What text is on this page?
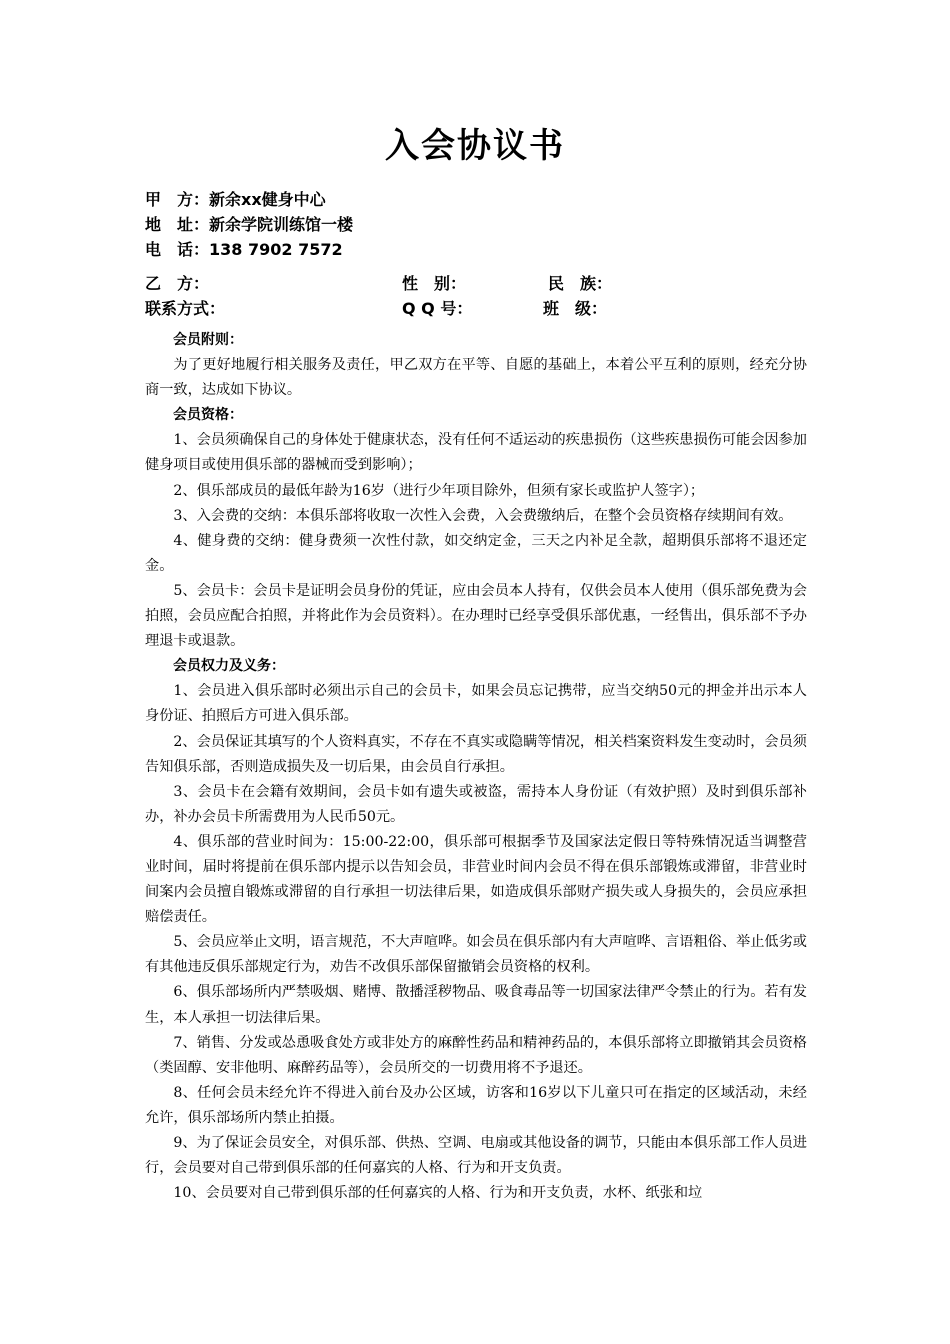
入会协议书
甲　方：新余xx健身中心
地　址：新余学院训练馆一楼
电　话：138 7902 7572
乙　方：	性　别：	民　族：
联系方式：	Q Q 号：	班　级：

会员附则：

为了更好地履行相关服务及责任，甲乙双方在平等、自愿的基础上，本着公平互利的原则，经充分协商一致，达成如下协议。

会员资格：

1、会员须确保自己的身体处于健康状态，没有任何不适运动的疾患损伤（这些疾患损伤可能会因参加健身项目或使用俱乐部的器械而受到影响）；

2、俱乐部成员的最低年龄为16岁（进行少年项目除外，但须有家长或监护人签字）；

3、入会费的交纳：本俱乐部将收取一次性入会费，入会费缴纳后，在整个会员资格存续期间有效。

4、健身费的交纳：健身费须一次性付款，如交纳定金，三天之内补足全款，超期俱乐部将不退还定金。

5、会员卡：会员卡是证明会员身份的凭证，应由会员本人持有，仅供会员本人使用（俱乐部免费为会拍照，会员应配合拍照，并将此作为会员资料）。在办理时已经享受俱乐部优惠，一经售出，俱乐部不予办理退卡或退款。

会员权力及义务：

1、会员进入俱乐部时必须出示自己的会员卡，如果会员忘记携带，应当交纳50元的押金并出示本人身份证、拍照后方可进入俱乐部。

2、会员保证其填写的个人资料真实，不存在不真实或隐瞒等情况，相关档案资料发生变动时，会员须告知俱乐部，否则造成损失及一切后果，由会员自行承担。

3、会员卡在会籍有效期间，会员卡如有遗失或被盗，需持本人身份证（有效护照）及时到俱乐部补办，补办会员卡所需费用为人民币50元。

4、俱乐部的营业时间为：15:00-22:00，俱乐部可根据季节及国家法定假日等特殊情况适当调整营业时间，届时将提前在俱乐部内提示以告知会员，非营业时间内会员不得在俱乐部锻炼或滞留，非营业时间案内会员擅自锻炼或滞留的自行承担一切法律后果，如造成俱乐部财产损失或人身损失的，会员应承担赔偿责任。

5、会员应举止文明，语言规范，不大声喧哗。如会员在俱乐部内有大声喧哗、言语粗俗、举止低劣或有其他违反俱乐部规定行为，劝告不改俱乐部保留撤销会员资格的权利。

6、俱乐部场所内严禁吸烟、赌博、散播淫秽物品、吸食毒品等一切国家法律严令禁止的行为。若有发生，本人承担一切法律后果。

7、销售、分发或怂恿吸食处方或非处方的麻醉性药品和精神药品的，本俱乐部将立即撤销其会员资格（类固醇、安非他明、麻醉药品等），会员所交的一切费用将不予退还。

8、任何会员未经允许不得进入前台及办公区域，访客和16岁以下儿童只可在指定的区域活动，未经允许，俱乐部场所内禁止拍摄。

9、为了保证会员安全，对俱乐部、供热、空调、电扇或其他设备的调节，只能由本俱乐部工作人员进行，会员要对自己带到俱乐部的任何嘉宾的人格、行为和开支负责。

10、会员要对自己带到俱乐部的任何嘉宾的人格、行为和开支负责，水杯、纸张和垃
